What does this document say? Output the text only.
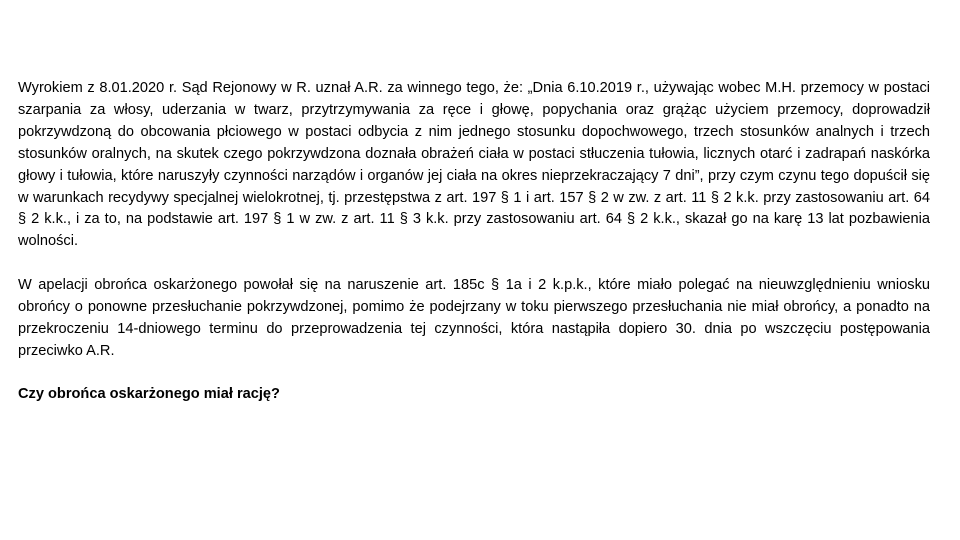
Wyrokiem z 8.01.2020 r. Sąd Rejonowy w R. uznał A.R. za winnego tego, że: „Dnia 6.10.2019 r., używając wobec M.H. przemocy w postaci szarpania za włosy, uderzania w twarz, przytrzymywania za ręce i głowę, popychania oraz grążąc użyciem przemocy, doprowadził pokrzywdzoną do obcowania płciowego w postaci odbycia z nim jednego stosunku dopochwowego, trzech stosunków analnych i trzech stosunków oralnych, na skutek czego pokrzywdzona doznała obrażeń ciała w postaci stłuczenia tułowia, licznych otarć i zadrapań naskórka głowy i tułowia, które naruszyły czynności narządów i organów jej ciała na okres nieprzekraczający 7 dni”, przy czym czynu tego dopuścił się w warunkach recydywy specjalnej wielokrotnej, tj. przestępstwa z art. 197 § 1 i art. 157 § 2 w zw. z art. 11 § 2 k.k. przy zastosowaniu art. 64 § 2 k.k., i za to, na podstawie art. 197 § 1 w zw. z art. 11 § 3 k.k. przy zastosowaniu art. 64 § 2 k.k., skazał go na karę 13 lat pozbawienia wolności.

W apelacji obrońca oskarżonego powołał się na naruszenie art. 185c § 1a i 2 k.p.k., które miało polegać na nieuwzględnieniu wniosku obrońcy o ponowne przesłuchanie pokrzywdzonej, pomimo że podejrzany w toku pierwszego przesłuchania nie miał obrońcy, a ponadto na przekroczeniu 14-dniowego terminu do przeprowadzenia tej czynności, która nastąpiła dopiero 30. dnia po wszczęciu postępowania przeciwko A.R.

Czy obrońca oskarżonego miał rację?
